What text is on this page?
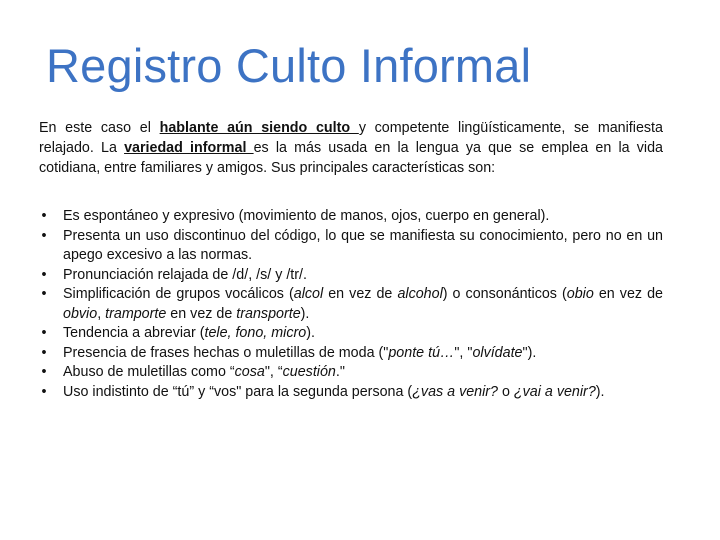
Registro Culto Informal

En este caso el hablante aún siendo culto y competente lingüísticamente, se manifiesta relajado. La variedad informal es la más usada en la lengua ya que se emplea en la vida cotidiana, entre familiares y amigos. Sus principales características son:

• Es espontáneo y expresivo (movimiento de manos, ojos, cuerpo en general).
• Presenta un uso discontinuo del código, lo que se manifiesta su conocimiento, pero no en un apego excesivo a las normas.
• Pronunciación relajada de /d/, /s/ y /tr/.
• Simplificación de grupos vocálicos (alcol en vez de alcohol) o consonánticos (obio en vez de obvio, tramporte en vez de transporte).
• Tendencia a abreviar (tele, fono, micro).
• Presencia de frases hechas o muletillas de moda ("ponte tú…", "olvídate").
• Abuso de muletillas como “cosa", “cuestión."
• Uso indistinto de “tú” y “vos" para la segunda persona (¿vas a venir? o ¿vai a venir?).
